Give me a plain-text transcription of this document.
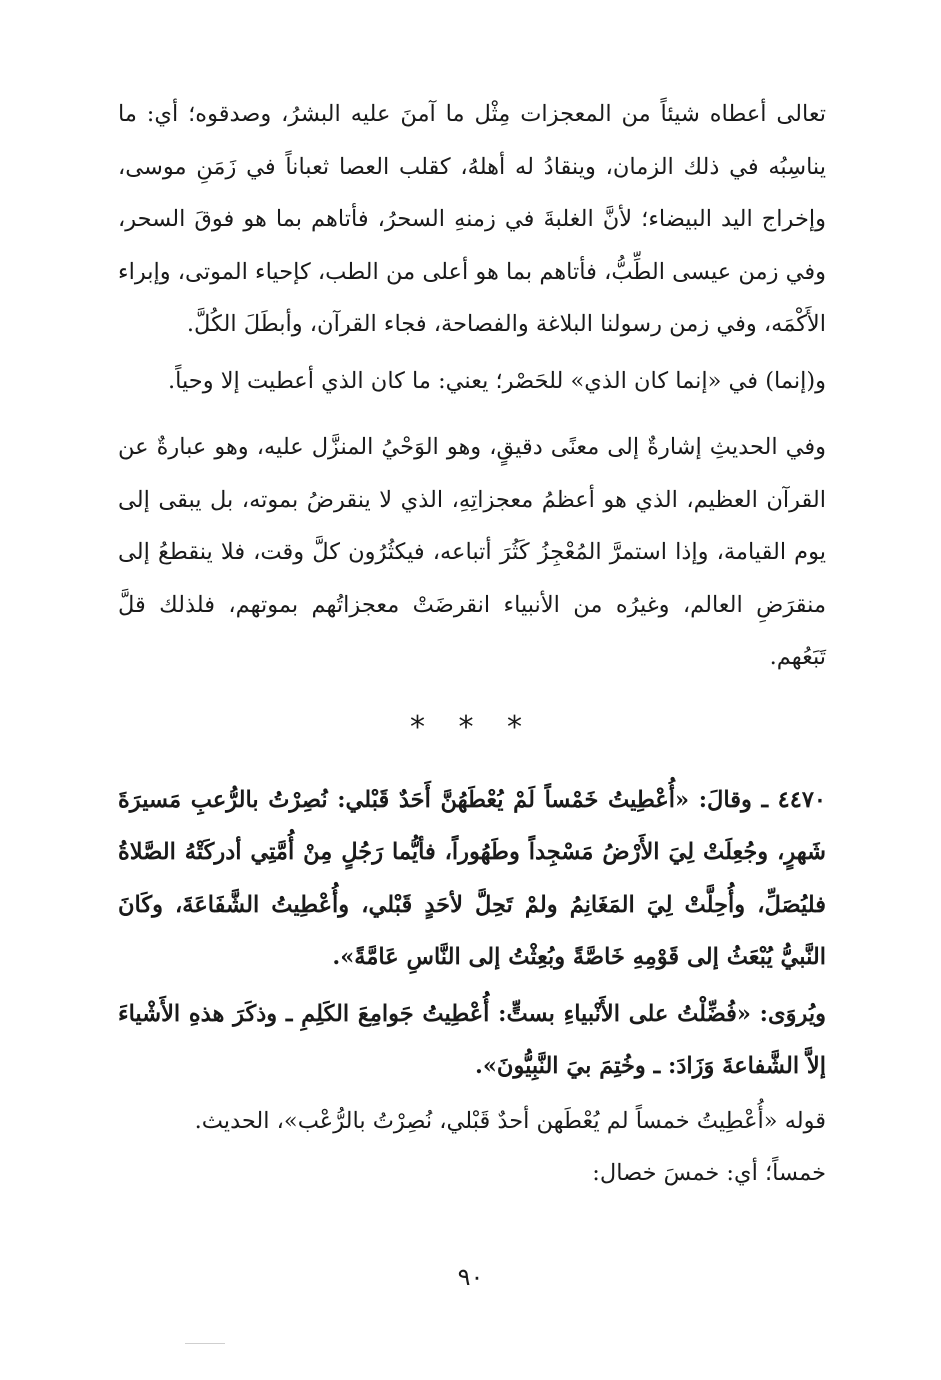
تعالى أعطاه شيئاً من المعجزات مِثْل ما آمنَ عليه البشرُ، وصدقوه؛ أي: ما يناسِبُه في ذلك الزمان، وينقادُ له أهلهُ، كقلب العصا ثعباناً في زَمَنِ موسى، وإخراج اليد البيضاء؛ لأنَّ الغلبةَ في زمنهِ السحرُ، فأتاهم بما هو فوقَ السحر، وفي زمن عيسى الطِّبُّ، فأتاهم بما هو أعلى من الطب، كإحياء الموتى، وإبراء الأَكْمَه، وفي زمن رسولنا البلاغة والفصاحة، فجاء القرآن، وأبطَلَ الكُلَّ.

و(إنما) في «إنما كان الذي» للحَصْر؛ يعني: ما كان الذي أعطيت إلا وحياً.

وفي الحديثِ إشارةٌ إلى معنًى دقيقٍ، وهو الوَحْيُ المنزَّل عليه، وهو عبارةٌ عن القرآن العظيم، الذي هو أعظمُ معجزاتِهِ، الذي لا ينقرضُ بموته، بل يبقى إلى يوم القيامة، وإذا استمرَّ المُعْجِزُ كَثُرَ أتباعه، فيكثُرُون كلَّ وقت، فلا ينقطعُ إلى منقرَضِ العالم، وغيرُه من الأنبياء انقرضَتْ معجزاتُهم بموتهم، فلذلك قلَّ تَبَعُهم.

* * *

٤٤٧٠ ـ وقالَ: «أُعْطِيتُ خَمْساً لَمْ يُعْطَهُنَّ أَحَدٌ قَبْلي: نُصِرْتُ بالرُّعبِ مَسيرَةَ شَهرٍ، وجُعِلَتْ لِيَ الأَرْضُ مَسْجِداً وطَهُوراً، فأيُّما رَجُلٍ مِنْ أُمَّتِي أدركَتْهُ الصَّلاةُ فليُصَلِّ، وأُحِلَّتْ لِيَ المَغَانِمُ ولمْ تَحِلَّ لأحَدٍ قَبْلي، وأُعْطِيتُ الشَّفَاعَةَ، وكَانَ النَّبيُّ يُبْعَثُ إلى قَوْمِهِ خَاصَّةً وبُعِثْتُ إلى النَّاسِ عَامَّةً».

ويُروَى: «فُضِّلْتُ على الأَنْبياءِ بستٍّ: أُعْطِيتُ جَوامِعَ الكَلِمِ ـ وذكَرَ هذهِ الأَشْياءَ إلاَّ الشَّفاعةَ وَزَادَ: ـ وخُتِمَ بيَ النَّبِيُّونَ».

قوله «أُعْطِيتُ خمساً لم يُعْطَهن أحدٌ قَبْلي، نُصِرْتُ بالرُّعْب»، الحديث.

خمساً؛ أي: خمسَ خصال:

٩٠
